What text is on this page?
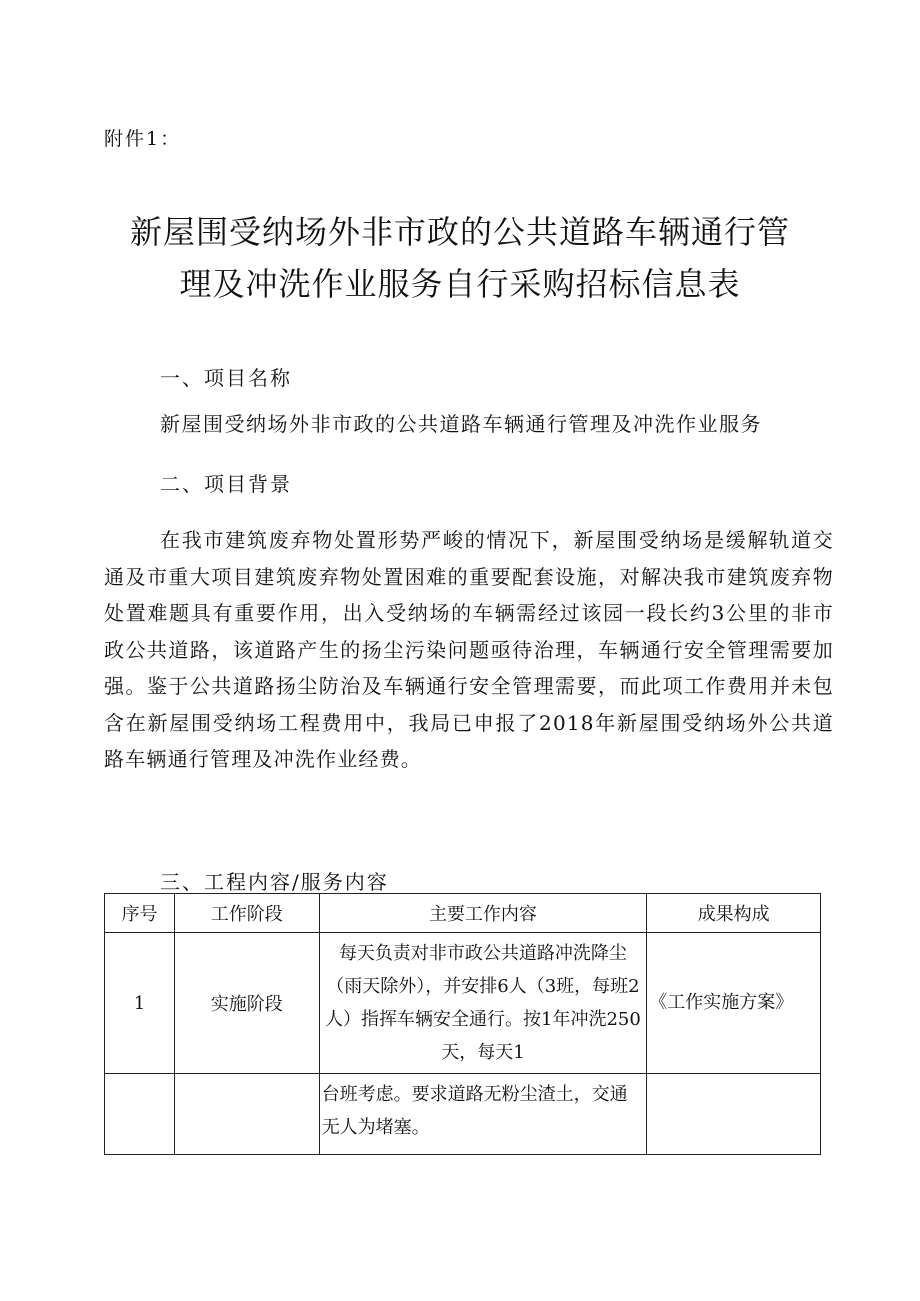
附件1：
新屋围受纳场外非市政的公共道路车辆通行管
理及冲洗作业服务自行采购招标信息表
一、项目名称
新屋围受纳场外非市政的公共道路车辆通行管理及冲洗作业服务
二、项目背景
在我市建筑废弃物处置形势严峻的情况下，新屋围受纳场是缓解轨道交通及市重大项目建筑废弃物处置困难的重要配套设施，对解决我市建筑废弃物处置难题具有重要作用，出入受纳场的车辆需经过该园一段长约3公里的非市政公共道路，该道路产生的扬尘污染问题亟待治理，车辆通行安全管理需要加强。鉴于公共道路扬尘防治及车辆通行安全管理需要，而此项工作费用并未包含在新屋围受纳场工程费用中，我局已申报了2018年新屋围受纳场外公共道路车辆通行管理及冲洗作业经费。
三、工程内容/服务内容
序号	工作阶段	主要工作内容	成果构成
1	实施阶段	每天负责对非市政公共道路冲洗降尘（雨天除外），并安排6人（3班，每班2人）指挥车辆安全通行。按1年冲洗250天，每天1	《工作实施方案》
		台班考虑。要求道路无粉尘渣土，交通无人为堵塞。	
